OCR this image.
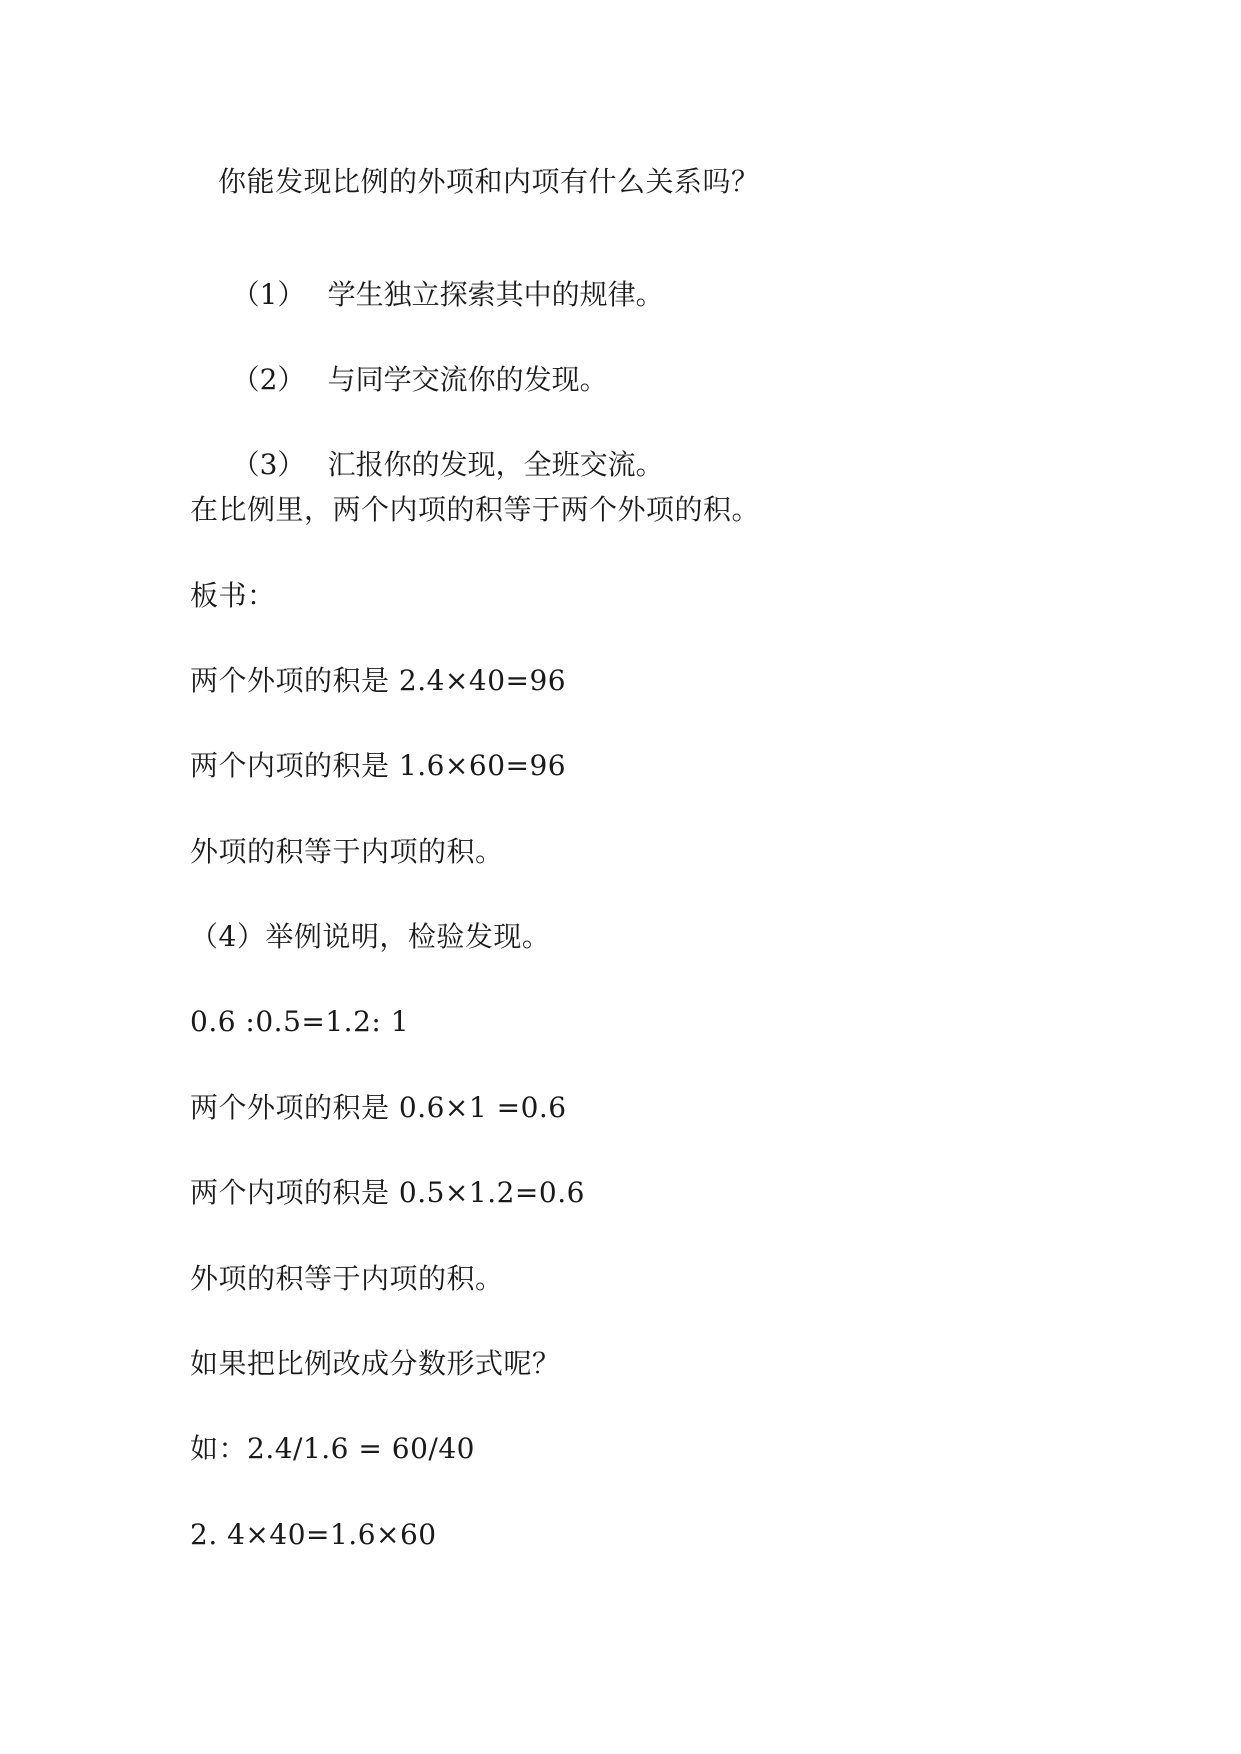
你能发现比例的外项和内项有什么关系吗？

（1） 学生独立探索其中的规律。

（2） 与同学交流你的发现。

（3） 汇报你的发现，全班交流。

在比例里，两个内项的积等于两个外项的积。
板书：
两个外项的积是 2.4×40=96
两个内项的积是 1.6×60=96
外项的积等于内项的积。
（4）举例说明，检验发现。
0.6 :0.5=1.2: 1
两个外项的积是 0.6×1 =0.6
两个内项的积是 0.5×1.2=0.6
外项的积等于内项的积。
如果把比例改成分数形式呢？
如：2.4/1.6 = 60/40
2. 4×40=1.6×60
